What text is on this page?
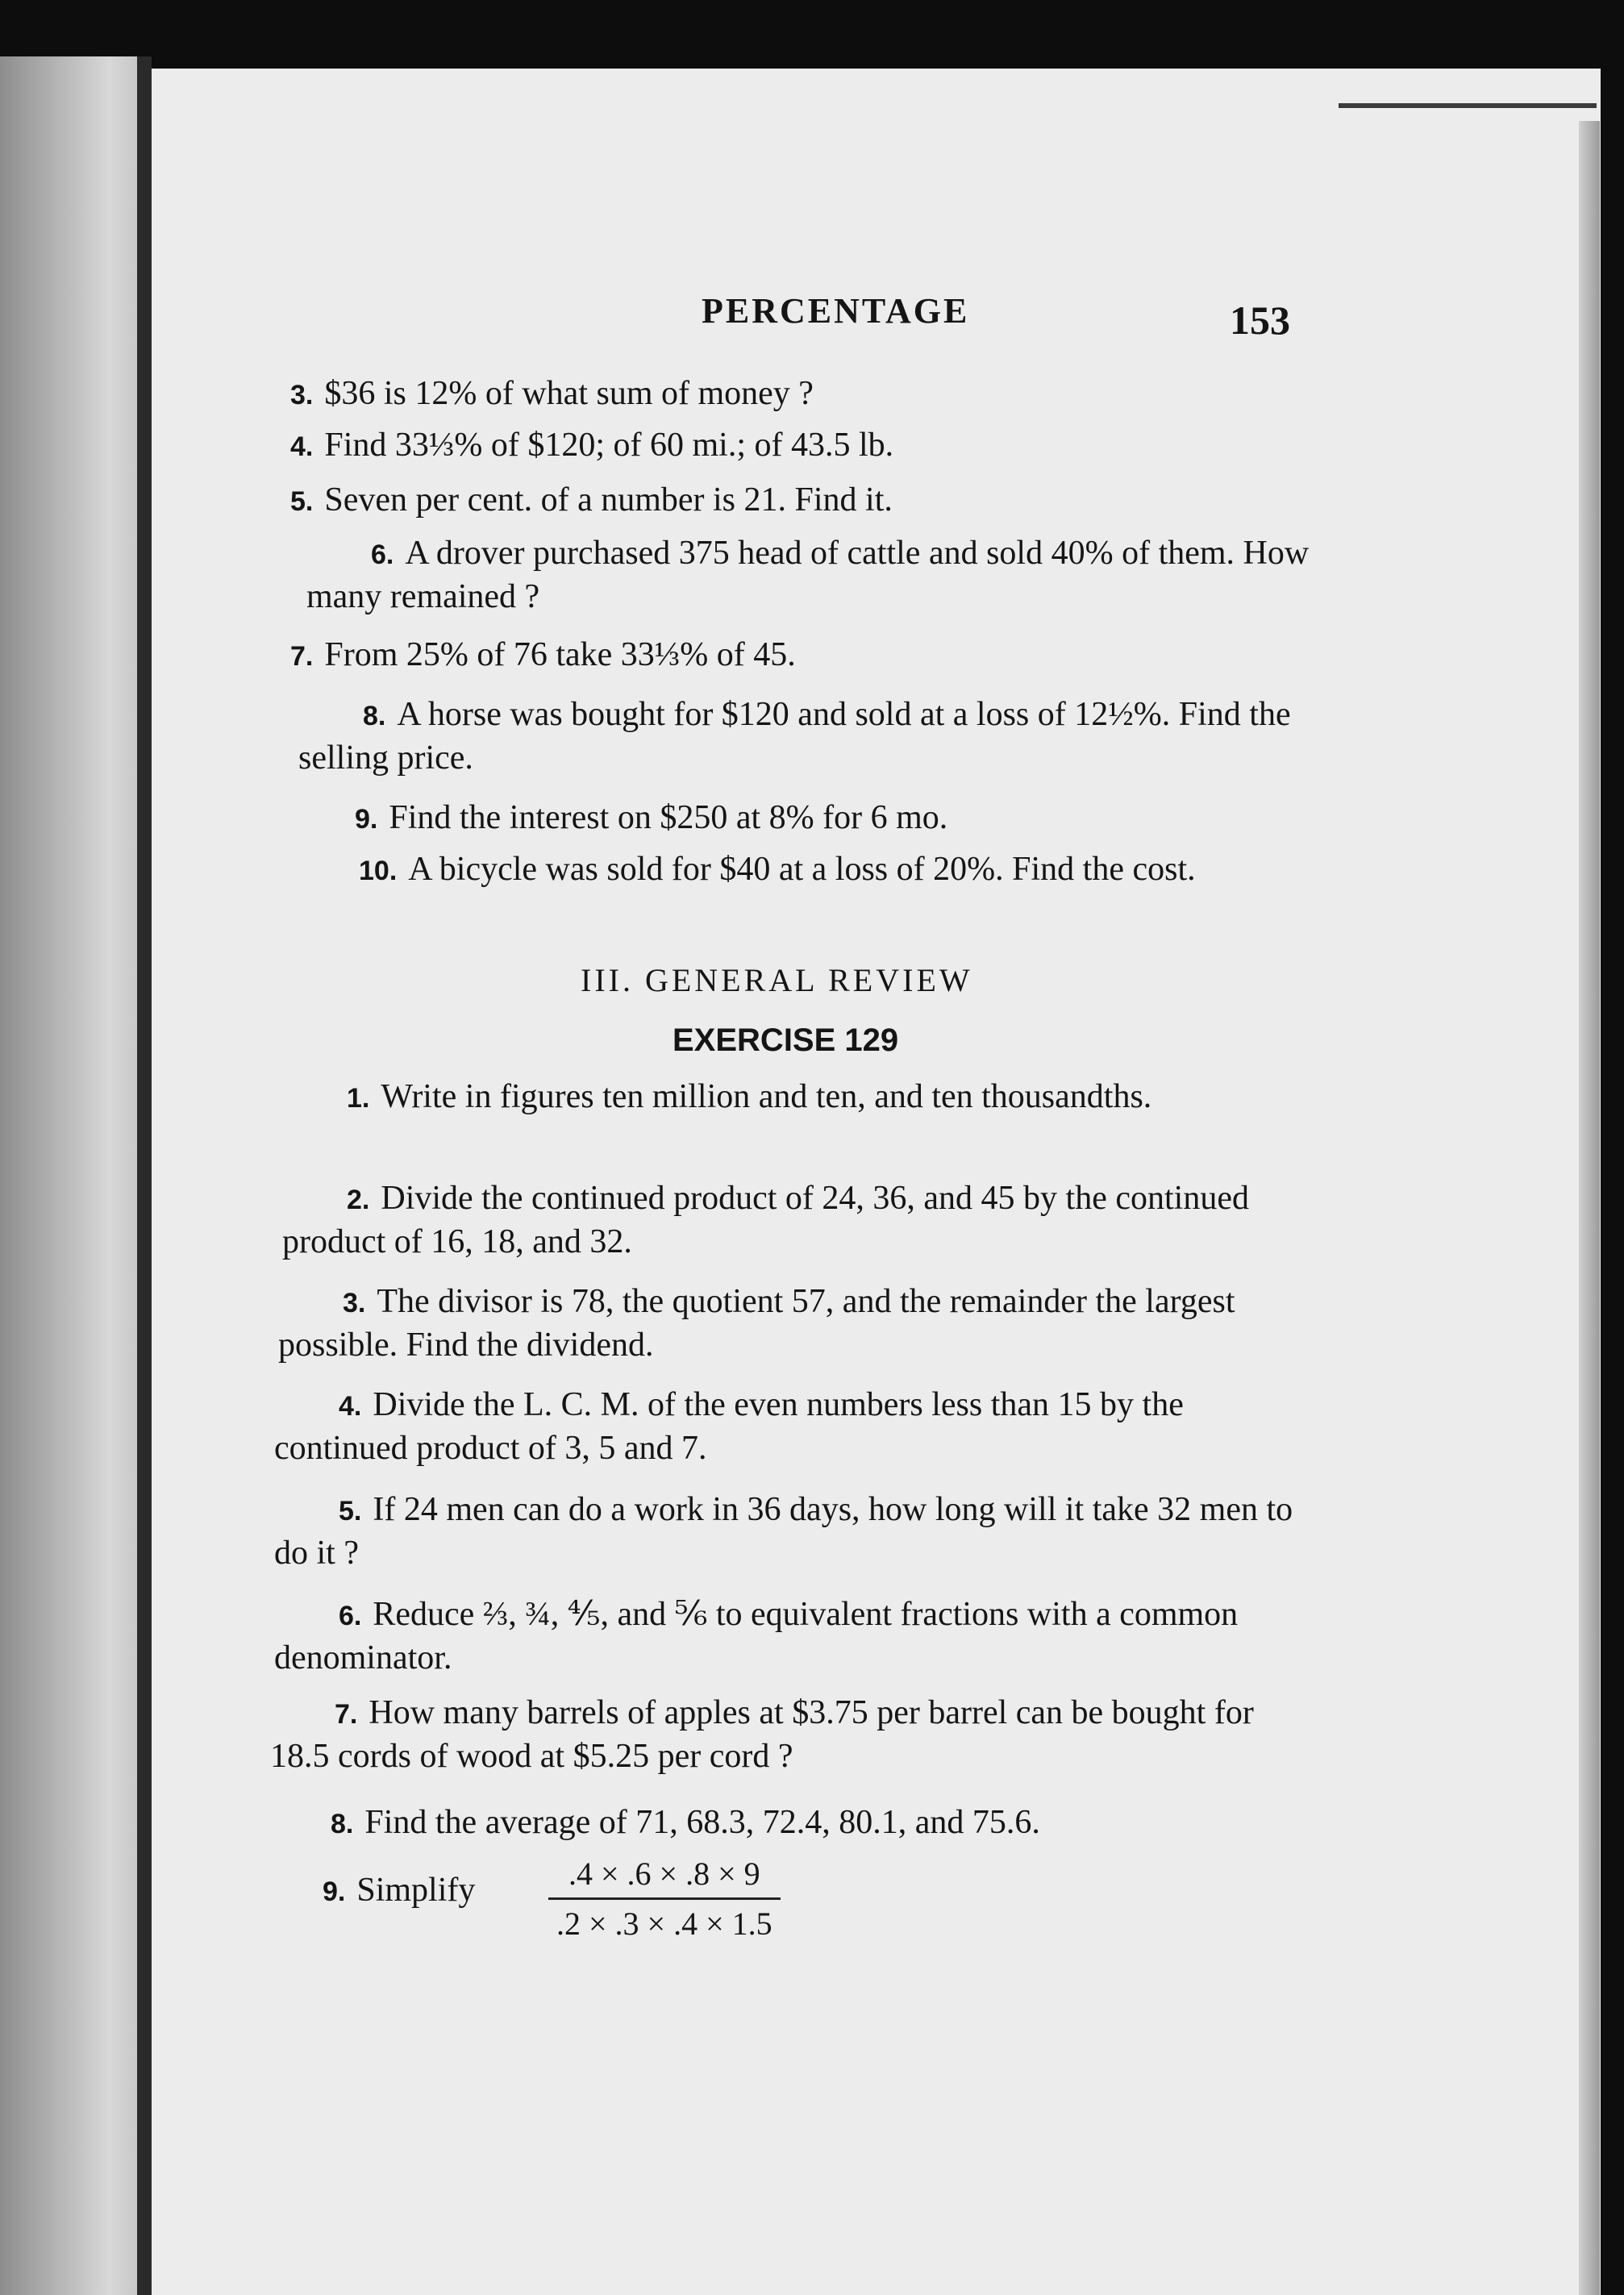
PERCENTAGE	153

3. $36 is 12% of what sum of money ?

4. Find 33⅓% of $120; of 60 mi.; of 43.5 lb.

5. Seven per cent. of a number is 21. Find it.

6. A drover purchased 375 head of cattle and sold 40% of them. How many remained ?

7. From 25% of 76 take 33⅓% of 45.

8. A horse was bought for $120 and sold at a loss of 12½%. Find the selling price.

9. Find the interest on $250 at 8% for 6 mo.

10. A bicycle was sold for $40 at a loss of 20%. Find the cost.

III. GENERAL REVIEW
EXERCISE 129

1. Write in figures ten million and ten, and ten thousandths.

2. Divide the continued product of 24, 36, and 45 by the continued product of 16, 18, and 32.

3. The divisor is 78, the quotient 57, and the remainder the largest possible. Find the dividend.

4. Divide the L. C. M. of the even numbers less than 15 by the continued product of 3, 5 and 7.

5. If 24 men can do a work in 36 days, how long will it take 32 men to do it ?

6. Reduce ⅔, ¾, ⅘, and ⅚ to equivalent fractions with a common denominator.

7. How many barrels of apples at $3.75 per barrel can be bought for 18.5 cords of wood at $5.25 per cord ?

8. Find the average of 71, 68.3, 72.4, 80.1, and 75.6.

9. Simplify	$\frac{.4 \times .6 \times .8 \times 9}{.2 \times .3 \times .4 \times 1.5}$
